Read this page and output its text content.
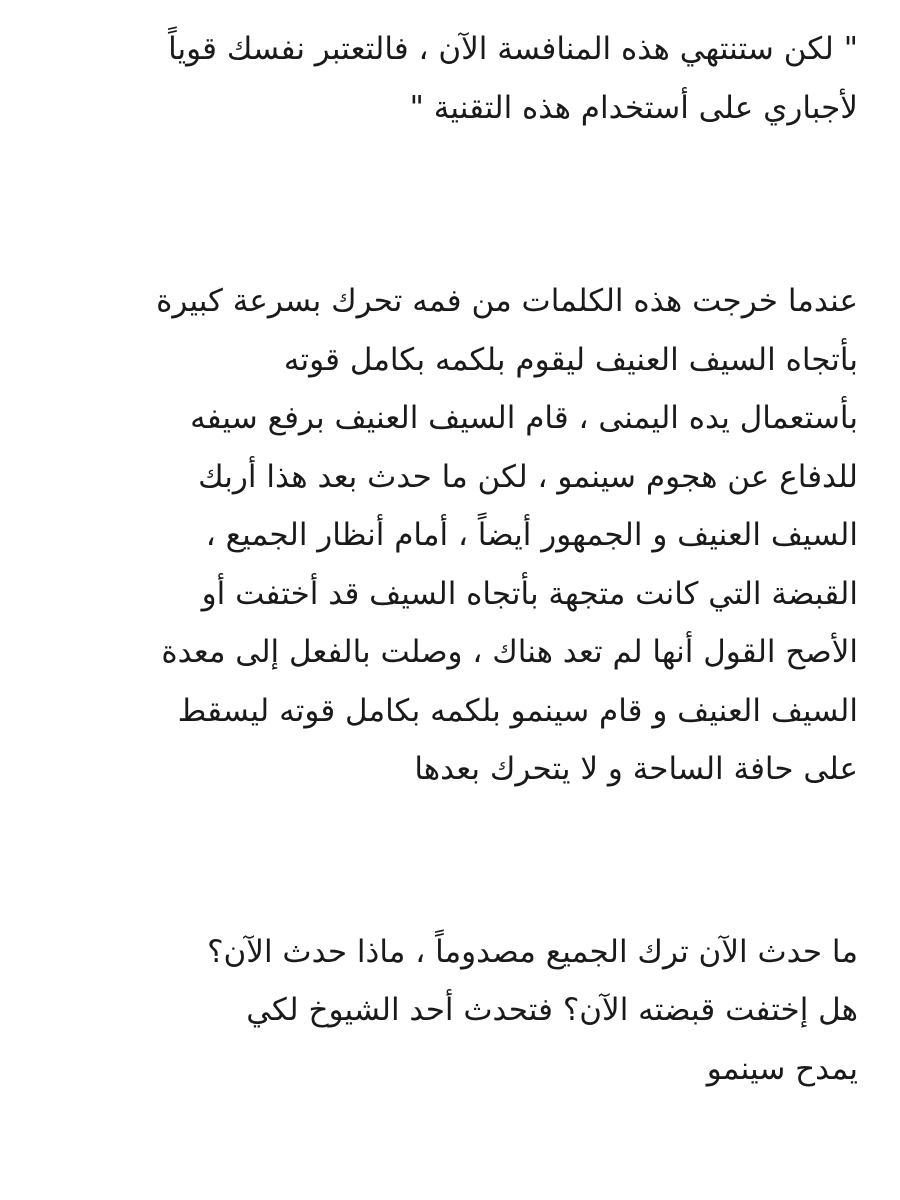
" لكن ستنتهي هذه المنافسة الآن ، فالتعتبر نفسك قوياً
لأجباري على أستخدام هذه التقنية "
عندما خرجت هذه الكلمات من فمه تحرك بسرعة كبيرة
بأتجاه السيف العنيف ليقوم بلكمه بكامل قوته
بأستعمال يده اليمنى ، قام السيف العنيف برفع سيفه
للدفاع عن هجوم سينمو ، لكن ما حدث بعد هذا أربك
السيف العنيف و الجمهور أيضاً ، أمام أنظار الجميع ،
القبضة التي كانت متجهة بأتجاه السيف قد أختفت أو
الأصح القول أنها لم تعد هناك ، وصلت بالفعل إلى معدة
السيف العنيف و قام سينمو بلكمه بكامل قوته ليسقط
على حافة الساحة و لا يتحرك بعدها
ما حدث الآن ترك الجميع مصدوماً ، ماذا حدث الآن؟
هل إختفت قبضته الآن؟ فتحدث أحد الشيوخ لكي
يمدح سينمو
